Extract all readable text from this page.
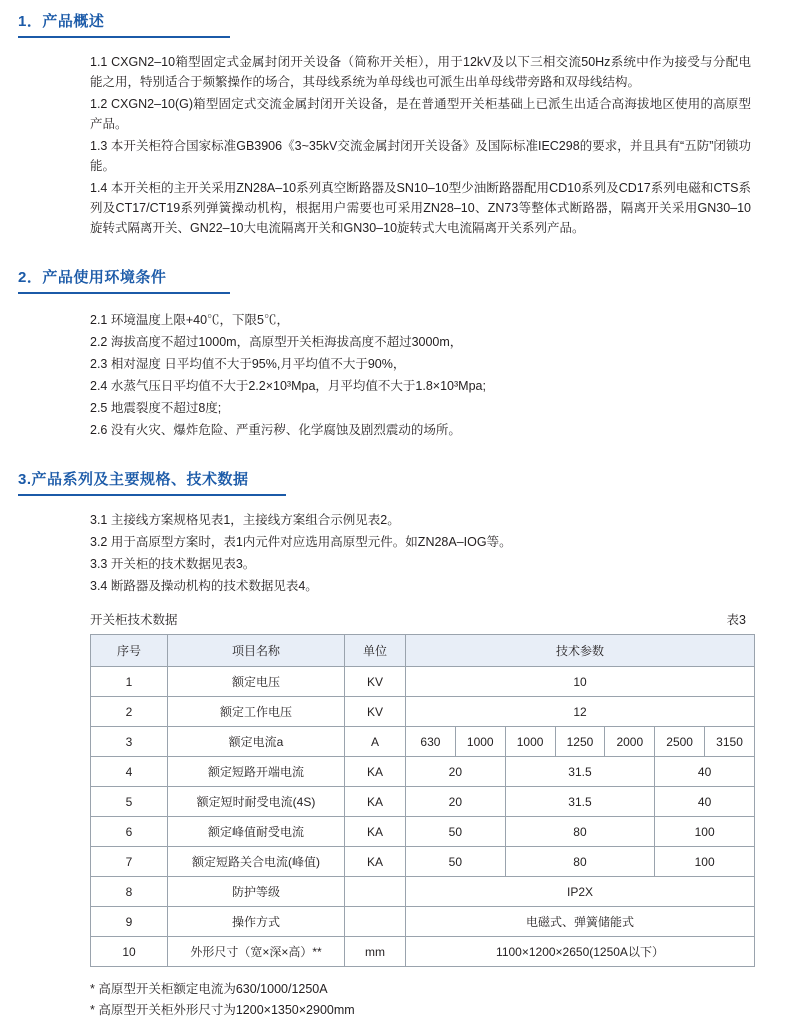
1．产品概述
1.1 CXGN2–10箱型固定式金属封闭开关设备（简称开关柜），用于12kV及以下三相交流50Hz系统中作为接受与分配电能之用，特别适合于频繁操作的场合，其母线系统为单母线也可派生出单母线带旁路和双母线结构。
1.2 CXGN2–10(G)箱型固定式交流金属封闭开关设备，是在普通型开关柜基础上已派生出适合高海拔地区使用的高原型产品。
1.3 本开关柜符合国家标准GB3906《3~35kV交流金属封闭开关设备》及国际标准IEC298的要求，并且具有“五防”闭锁功能。
1.4 本开关柜的主开关采用ZN28A–10系列真空断路器及SN10–10型少油断路器配用CD10系列及CD17系列电磁和CTS系列及CT17/CT19系列弹簧操动机构，根据用户需要也可采用ZN28–10、ZN73等整体式断路器，隔离开关采用GN30–10旋转式隔离开关、GN22–10大电流隔离开关和GN30–10旋转式大电流隔离开关系列产品。
2．产品使用环境条件
2.1 环境温度上限+40℃，下限5℃，
2.2 海拔高度不超过1000m，高原型开关柜海拔高度不超过3000m，
2.3 相对湿度 日平均值不大于95%,月平均值不大于90%，
2.4 水蒸气压日平均值不大于2.2×10³Mpa，月平均值不大于1.8×10³Mpa;
2.5 地震裂度不超过8度;
2.6 没有火灾、爆炸危险、严重污秽、化学腐蚀及剧烈震动的场所。
3.产品系列及主要规格、技术数据
3.1 主接线方案规格见表1，主接线方案组合示例见表2。
3.2 用于高原型方案时，表1内元件对应选用高原型元件。如ZN28A–IOG等。
3.3 开关柜的技术数据见表3。
3.4 断路器及操动机构的技术数据见表4。
开关柜技术数据	表3
序号	项目名称	单位	技术参数						
1	额定电压	KV	10						
2	额定工作电压	KV	12						
3	额定电流a	A	630	1000	1000	1250	2000	2500	3150
4	额定短路开端电流	KA	20		31.5			40	
5	额定短时耐受电流(4S)	KA	20		31.5			40	
6	额定峰值耐受电流	KA	50		80			100	
7	额定短路关合电流(峰值)	KA	50		80			100	
8	防护等级		IP2X						
9	操作方式		电磁式、弹簧储能式						
10	外形尺寸（宽×深×高）**	mm	1100×1200×2650(1250A以下）						
* 高原型开关柜额定电流为630/1000/1250A
* 高原型开关柜外形尺寸为1200×1350×2900mm
